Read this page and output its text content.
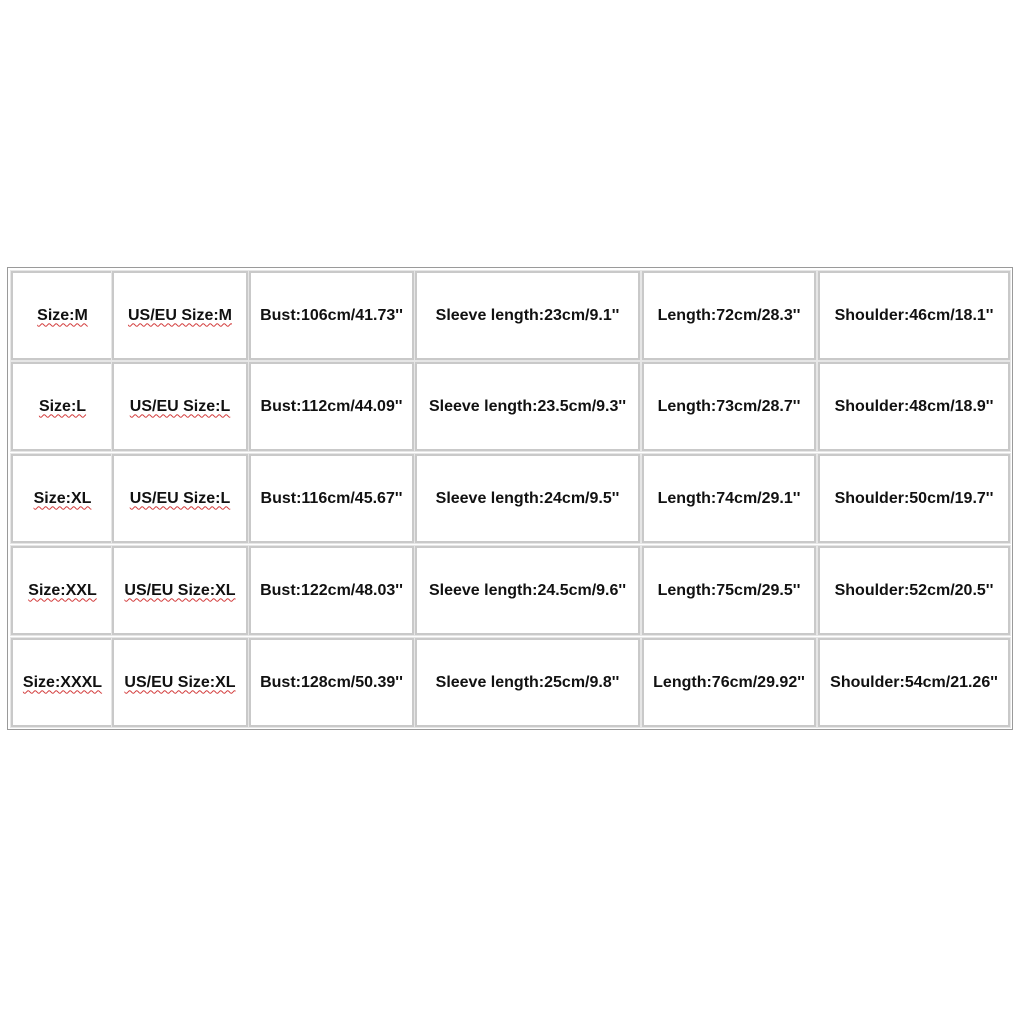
Size:M	US/EU Size:M Bust:106cm/41.73'' Sleeve length:23cm/9.1'' Length:72cm/28.3'' Shoulder:46cm/18.1''
Size:L	US/EU Size:L Bust:112cm/44.09'' Sleeve length:23.5cm/9.3'' Length:73cm/28.7'' Shoulder:48cm/18.9''
Size:XL US/EU Size:L Bust:116cm/45.67'' Sleeve length:24cm/9.5'' Length:74cm/29.1'' Shoulder:50cm/19.7''
Size:XXL US/EU Size:XL Bust:122cm/48.03'' Sleeve length:24.5cm/9.6'' Length:75cm/29.5'' Shoulder:52cm/20.5''
Size:XXXL US/EU Size:XL Bust:128cm/50.39'' Sleeve length:25cm/9.8'' Length:76cm/29.92'' Shoulder:54cm/21.26''
